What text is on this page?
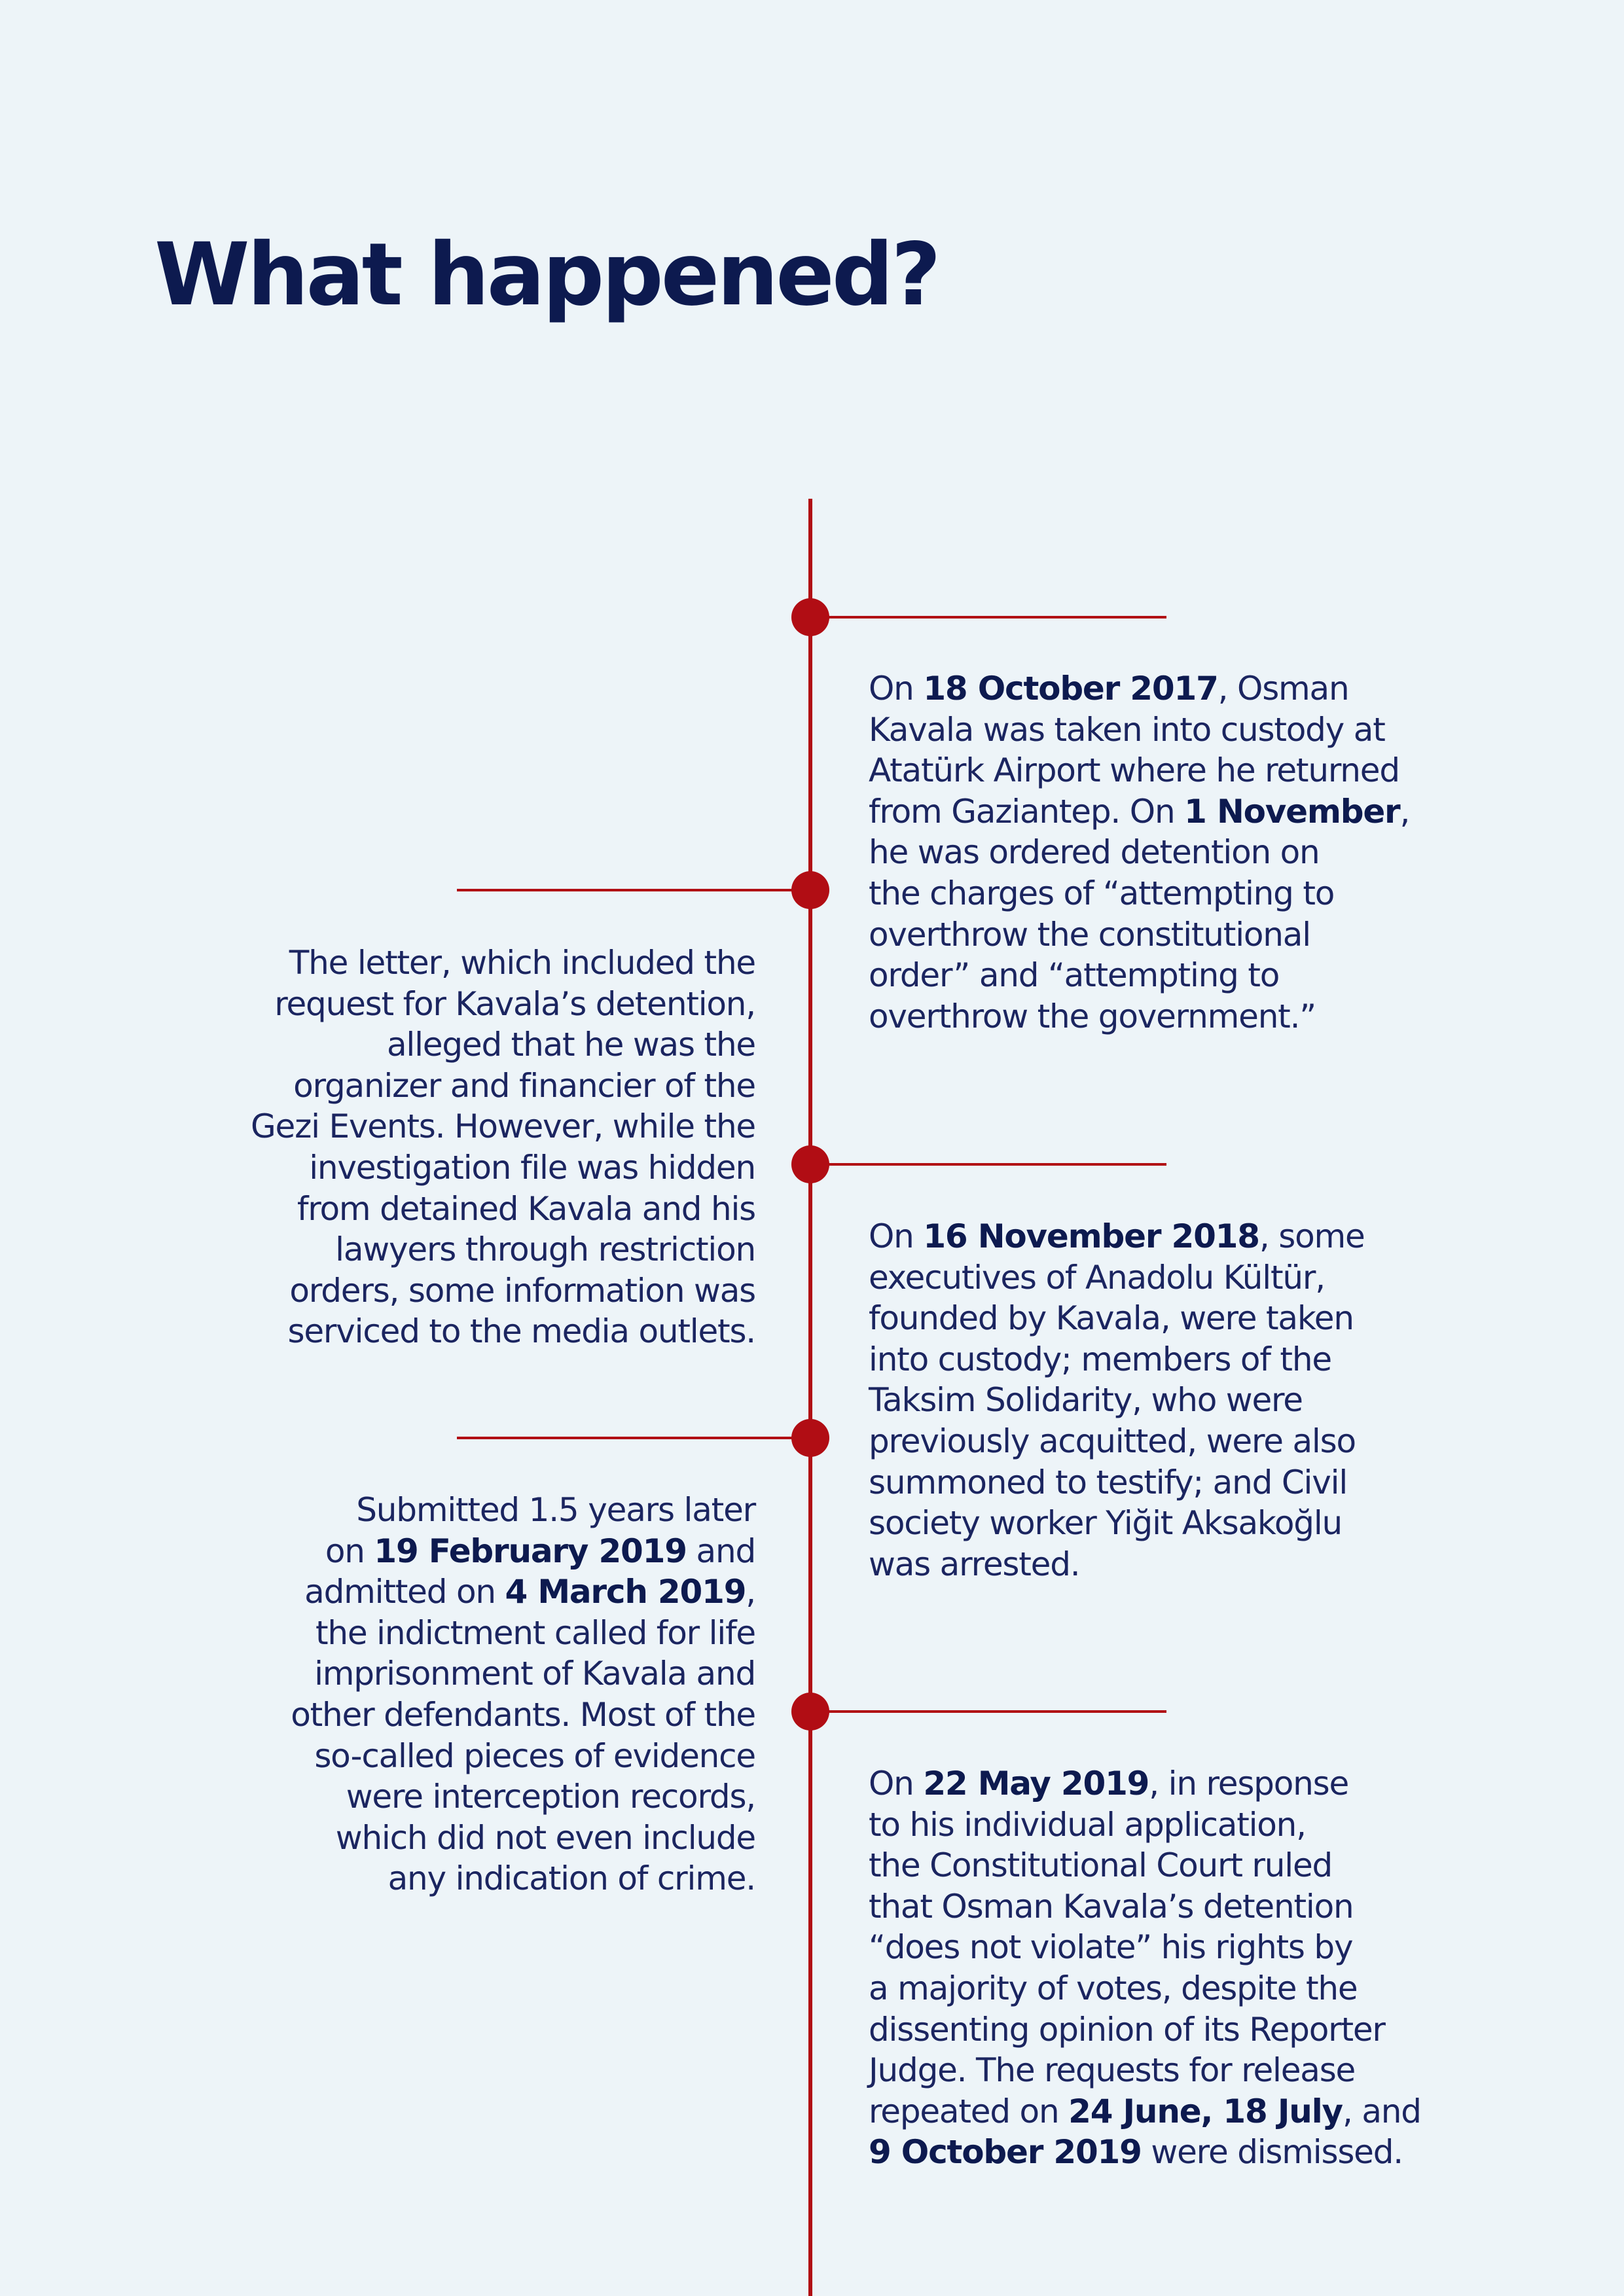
What happened?
On 18 October 2017, Osman
Kavala was taken into custody at
Atatürk Airport where he returned
from Gaziantep. On 1 November,
he was ordered detention on
the charges of “attempting to
overthrow the constitutional
order” and “attempting to
overthrow the government.”
The letter, which included the
request for Kavala’s detention,
alleged that he was the
organizer and financier of the
Gezi Events. However, while the
investigation file was hidden
from detained Kavala and his
lawyers through restriction
orders, some information was
serviced to the media outlets.
On 16 November 2018, some
executives of Anadolu Kültür,
founded by Kavala, were taken
into custody; members of the
Taksim Solidarity, who were
previously acquitted, were also
summoned to testify; and Civil
society worker Yiğit Aksakoğlu
was arrested.
Submitted 1.5 years later
on 19 February 2019 and
admitted on 4 March 2019,
the indictment called for life
imprisonment of Kavala and
other defendants. Most of the
so-called pieces of evidence
were interception records,
which did not even include
any indication of crime.
On 22 May 2019, in response
to his individual application,
the Constitutional Court ruled
that Osman Kavala’s detention
“does not violate” his rights by
a majority of votes, despite the
dissenting opinion of its Reporter
Judge. The requests for release
repeated on 24 June, 18 July, and
9 October 2019 were dismissed.
